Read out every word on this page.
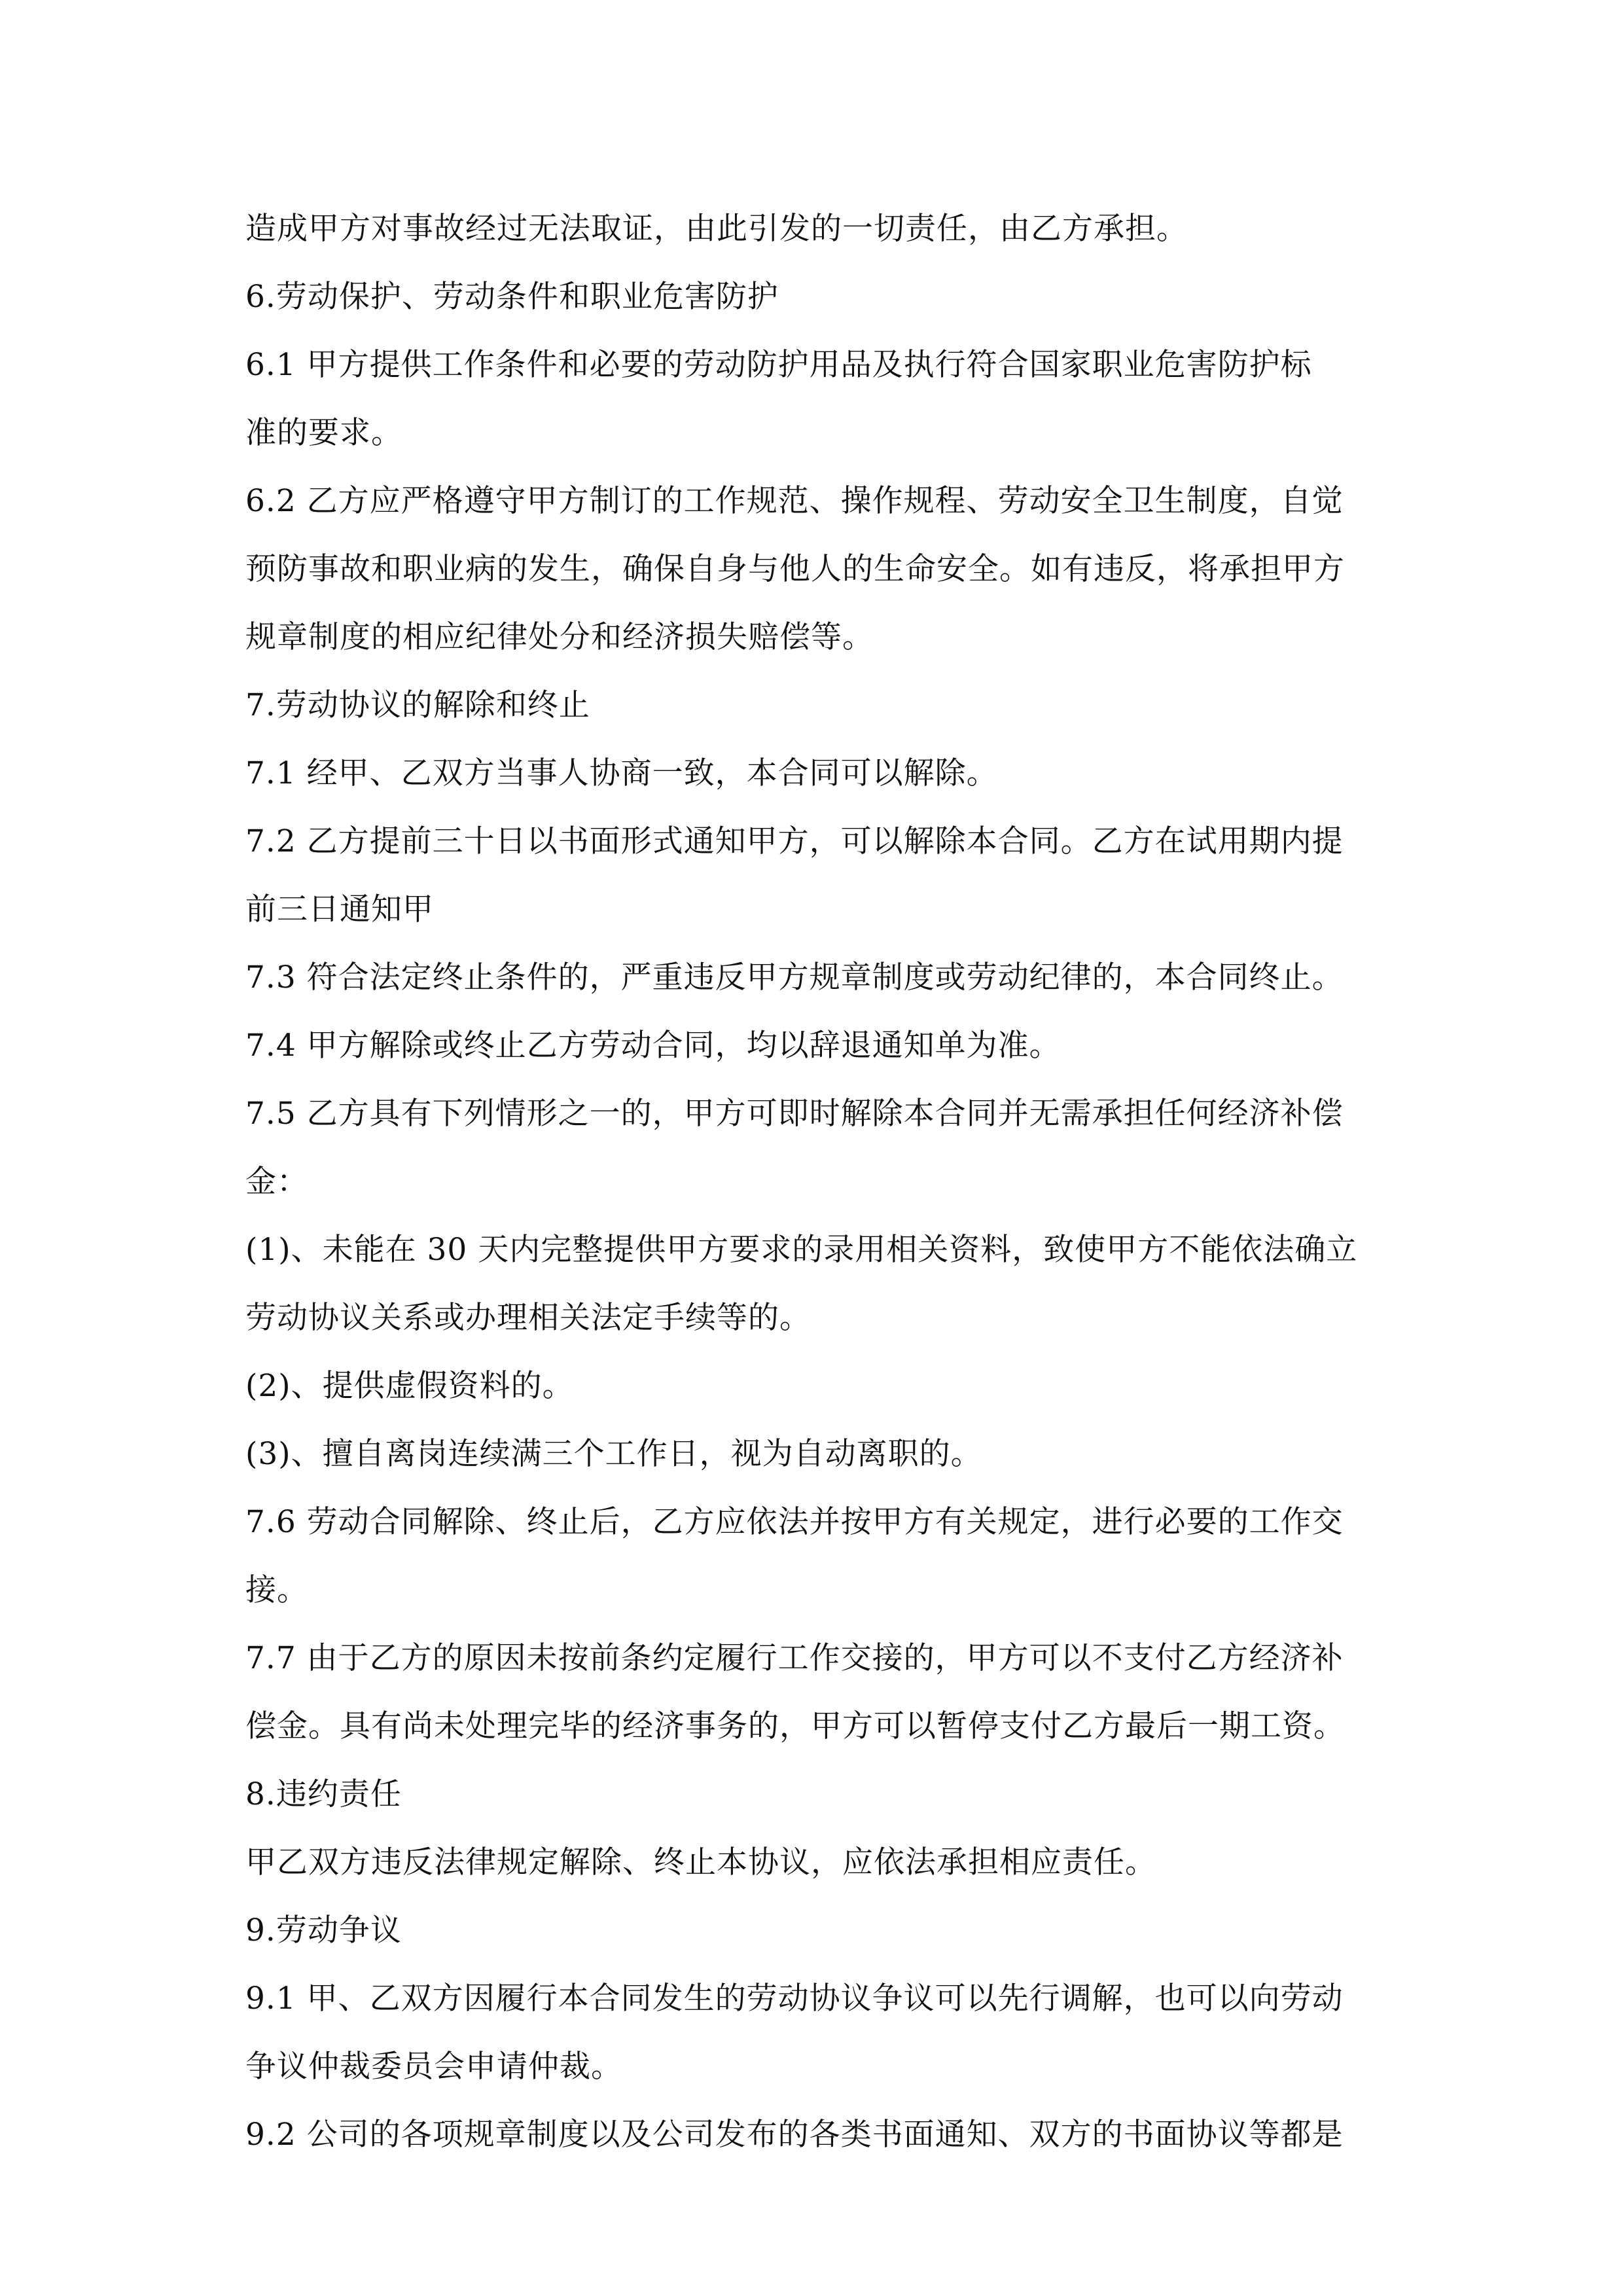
造成甲方对事故经过无法取证，由此引发的一切责任，由乙方承担。
6.劳动保护、劳动条件和职业危害防护
6.1 甲方提供工作条件和必要的劳动防护用品及执行符合国家职业危害防护标
准的要求。
6.2 乙方应严格遵守甲方制订的工作规范、操作规程、劳动安全卫生制度，自觉
预防事故和职业病的发生，确保自身与他人的生命安全。如有违反，将承担甲方
规章制度的相应纪律处分和经济损失赔偿等。
7.劳动协议的解除和终止
7.1 经甲、乙双方当事人协商一致，本合同可以解除。
7.2 乙方提前三十日以书面形式通知甲方，可以解除本合同。乙方在试用期内提
前三日通知甲
7.3 符合法定终止条件的，严重违反甲方规章制度或劳动纪律的，本合同终止。
7.4 甲方解除或终止乙方劳动合同，均以辞退通知单为准。
7.5 乙方具有下列情形之一的，甲方可即时解除本合同并无需承担任何经济补偿
金：
(1)、未能在 30 天内完整提供甲方要求的录用相关资料，致使甲方不能依法确立
劳动协议关系或办理相关法定手续等的。
(2)、提供虚假资料的。
(3)、擅自离岗连续满三个工作日，视为自动离职的。
7.6 劳动合同解除、终止后，乙方应依法并按甲方有关规定，进行必要的工作交
接。
7.7 由于乙方的原因未按前条约定履行工作交接的，甲方可以不支付乙方经济补
偿金。具有尚未处理完毕的经济事务的，甲方可以暂停支付乙方最后一期工资。
8.违约责任
甲乙双方违反法律规定解除、终止本协议，应依法承担相应责任。
9.劳动争议
9.1 甲、乙双方因履行本合同发生的劳动协议争议可以先行调解，也可以向劳动
争议仲裁委员会申请仲裁。
9.2 公司的各项规章制度以及公司发布的各类书面通知、双方的书面协议等都是
